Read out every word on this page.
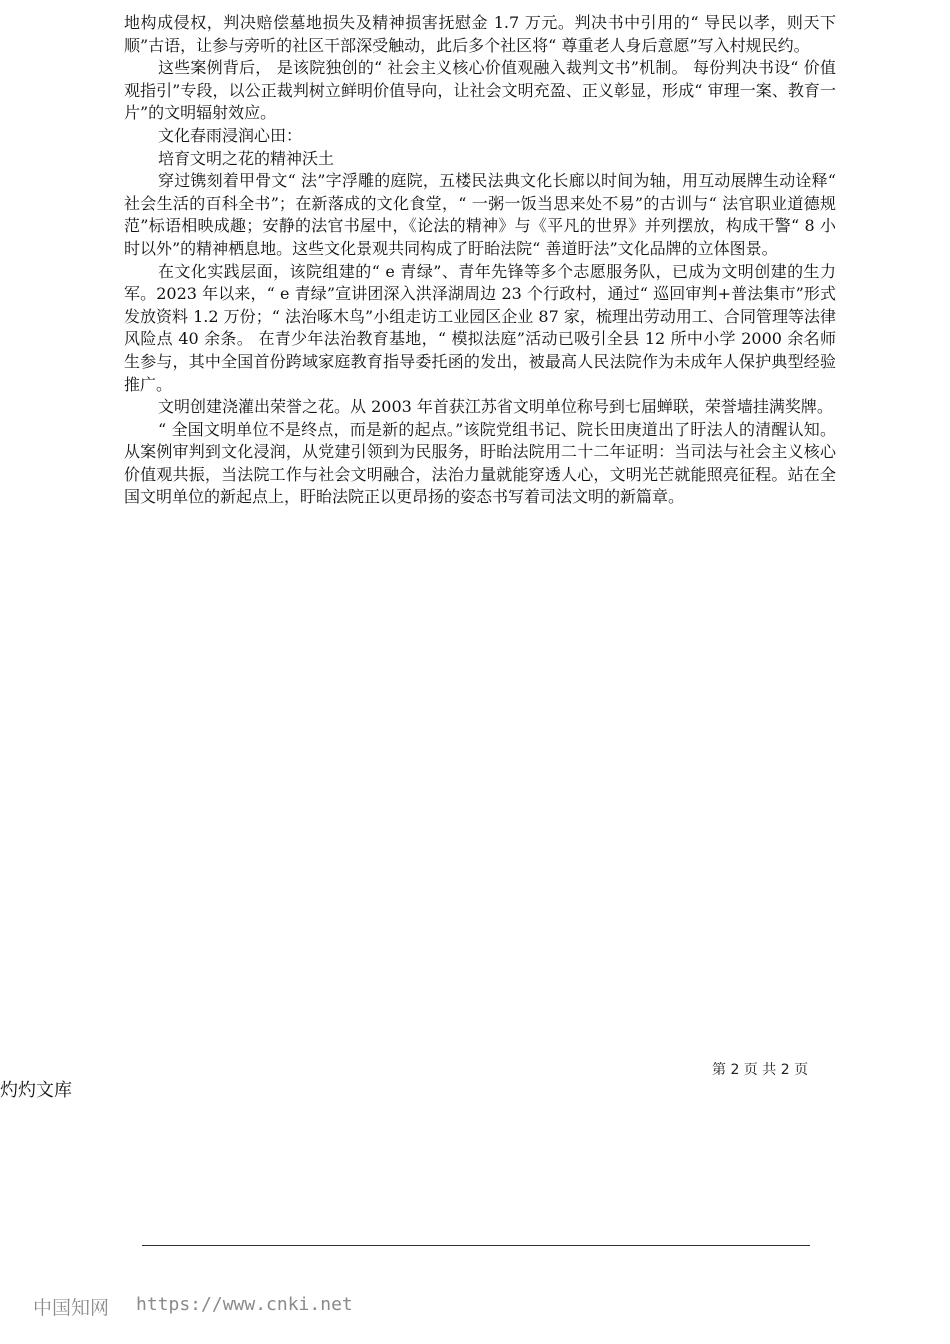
地构成侵权，判决赔偿墓地损失及精神损害抚慰金 1.7 万元。判决书中引用的“ 导民以孝，则天下顺”古语，让参与旁听的社区干部深受触动，此后多个社区将“ 尊重老人身后意愿”写入村规民约。

这些案例背后， 是该院独创的“ 社会主义核心价值观融入裁判文书”机制。 每份判决书设“ 价值观指引”专段，以公正裁判树立鲜明价值导向，让社会文明充盈、正义彰显，形成“ 审理一案、教育一片”的文明辐射效应。

文化春雨浸润心田：

培育文明之花的精神沃土

穿过镌刻着甲骨文“ 法”字浮雕的庭院，五楼民法典文化长廊以时间为轴，用互动展牌生动诠释“ 社会生活的百科全书”；在新落成的文化食堂，“ 一粥一饭当思来处不易”的古训与“ 法官职业道德规范”标语相映成趣；安静的法官书屋中，《论法的精神》与《平凡的世界》并列摆放，构成干警“ 8 小时以外”的精神栖息地。这些文化景观共同构成了盱眙法院“ 善道盱法”文化品牌的立体图景。

在文化实践层面，该院组建的“ e 青绿”、青年先锋等多个志愿服务队，已成为文明创建的生力军。2023 年以来，“ e 青绿”宣讲团深入洪泽湖周边 23 个行政村，通过“ 巡回审判+普法集市”形式发放资料 1.2 万份；“ 法治啄木鸟”小组走访工业园区企业 87 家，梳理出劳动用工、合同管理等法律风险点 40 余条。 在青少年法治教育基地，“ 模拟法庭”活动已吸引全县 12 所中小学 2000 余名师生参与，其中全国首份跨域家庭教育指导委托函的发出，被最高人民法院作为未成年人保护典型经验推广。

文明创建浇灌出荣誉之花。从 2003 年首获江苏省文明单位称号到七届蝉联，荣誉墙挂满奖牌。

“ 全国文明单位不是终点，而是新的起点。”该院党组书记、院长田庚道出了盱法人的清醒认知。从案例审判到文化浸润，从党建引领到为民服务，盱眙法院用二十二年证明：当司法与社会主义核心价值观共振，当法院工作与社会文明融合，法治力量就能穿透人心，文明光芒就能照亮征程。站在全国文明单位的新起点上，盱眙法院正以更昂扬的姿态书写着司法文明的新篇章。

第 2 页 共 2 页
灼灼文库
中国知网 https://www.cnki.net
